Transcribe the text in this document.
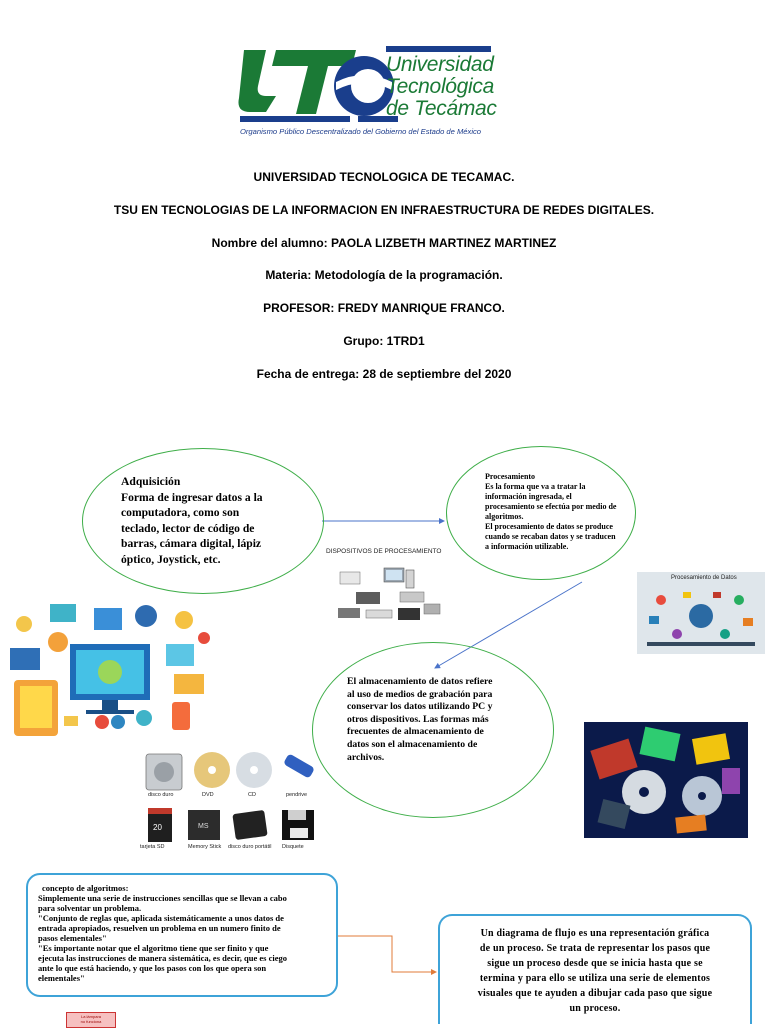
Universidad
Tecnológica
de Tecámac
Organismo Público Descentralizado del Gobierno del Estado de México
UNIVERSIDAD TECNOLOGICA DE TECAMAC.
TSU EN TECNOLOGIAS DE LA INFORMACION EN INFRAESTRUCTURA DE REDES DIGITALES.
Nombre del alumno: PAOLA LIZBETH MARTINEZ MARTINEZ
Materia: Metodología de la programación.
PROFESOR: FREDY MANRIQUE FRANCO.
Grupo: 1TRD1
Fecha de entrega: 28 de septiembre del 2020
Adquisición
Forma de ingresar datos a la
computadora, como son
teclado, lector de código de
barras, cámara digital, lápiz
óptico, Joystick, etc.
Procesamiento
Es la forma que va a tratar la
información ingresada, el
procesamiento se efectúa por medio de
algoritmos.
El procesamiento de datos se produce
cuando se recaban datos y se traducen
a información utilizable.
El almacenamiento de datos refiere
al uso de medios de grabación para
conservar los datos utilizando PC y
otros dispositivos. Las formas más
frecuentes de almacenamiento de
datos son el almacenamiento de
archivos.
DISPOSITIVOS DE PROCESAMIENTO
Procesamiento de Datos
disco duro	DVD	CD	pendrive
20	MS
tarjeta SD	Memory Stick disco duro portátil Disquete
concepto de algoritmos:
Simplemente una serie de instrucciones sencillas que se llevan a cabo
para solventar un problema.
"Conjunto de reglas que, aplicada sistemáticamente a unos datos de
entrada apropiados, resuelven un problema en un numero finito de
pasos elementales"
"Es importante notar que el algoritmo tiene que ser finito y que
ejecuta las instrucciones de manera sistemática, es decir, que es ciego
ante lo que está haciendo, y que los pasos con los que opera son
elementales"
Un diagrama de flujo es una representación gráfica
de un proceso. Se trata de representar los pasos que
sigue un proceso desde que se inicia hasta que se
termina y para ello se utiliza una serie de elementos
visuales que te ayuden a dibujar cada paso que sigue
un proceso.
La lámpara
no funciona
